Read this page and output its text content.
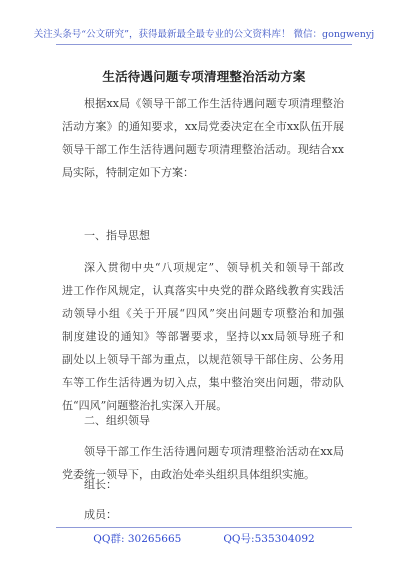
关注头条号“公文研究”，获得最新最全最专业的公文资料库！ 微信：gongwenyj
生活待遇问题专项清理整治活动方案
根据xx局《领导干部工作生活待遇问题专项清理整治
活动方案》的通知要求，xx局党委决定在全市xx队伍开展
领导干部工作生活待遇问题专项清理整治活动。现结合xx
局实际，特制定如下方案：
一、指导思想
深入贯彻中央“八项规定”、领导机关和领导干部改
进工作作风规定，认真落实中央党的群众路线教育实践活
动领导小组《关于开展“四风”突出问题专项整治和加强
制度建设的通知》等部署要求，坚持以xx局领导班子和
副处以上领导干部为重点，以规范领导干部住房、公务用
车等工作生活待遇为切入点，集中整治突出问题，带动队
伍“四风”问题整治扎实深入开展。
二、组织领导
领导干部工作生活待遇问题专项清理整治活动在xx局
党委统一领导下，由政治处牵头组织具体组织实施。
组长：
成员：
QQ群: 30265665	QQ号:535304092
